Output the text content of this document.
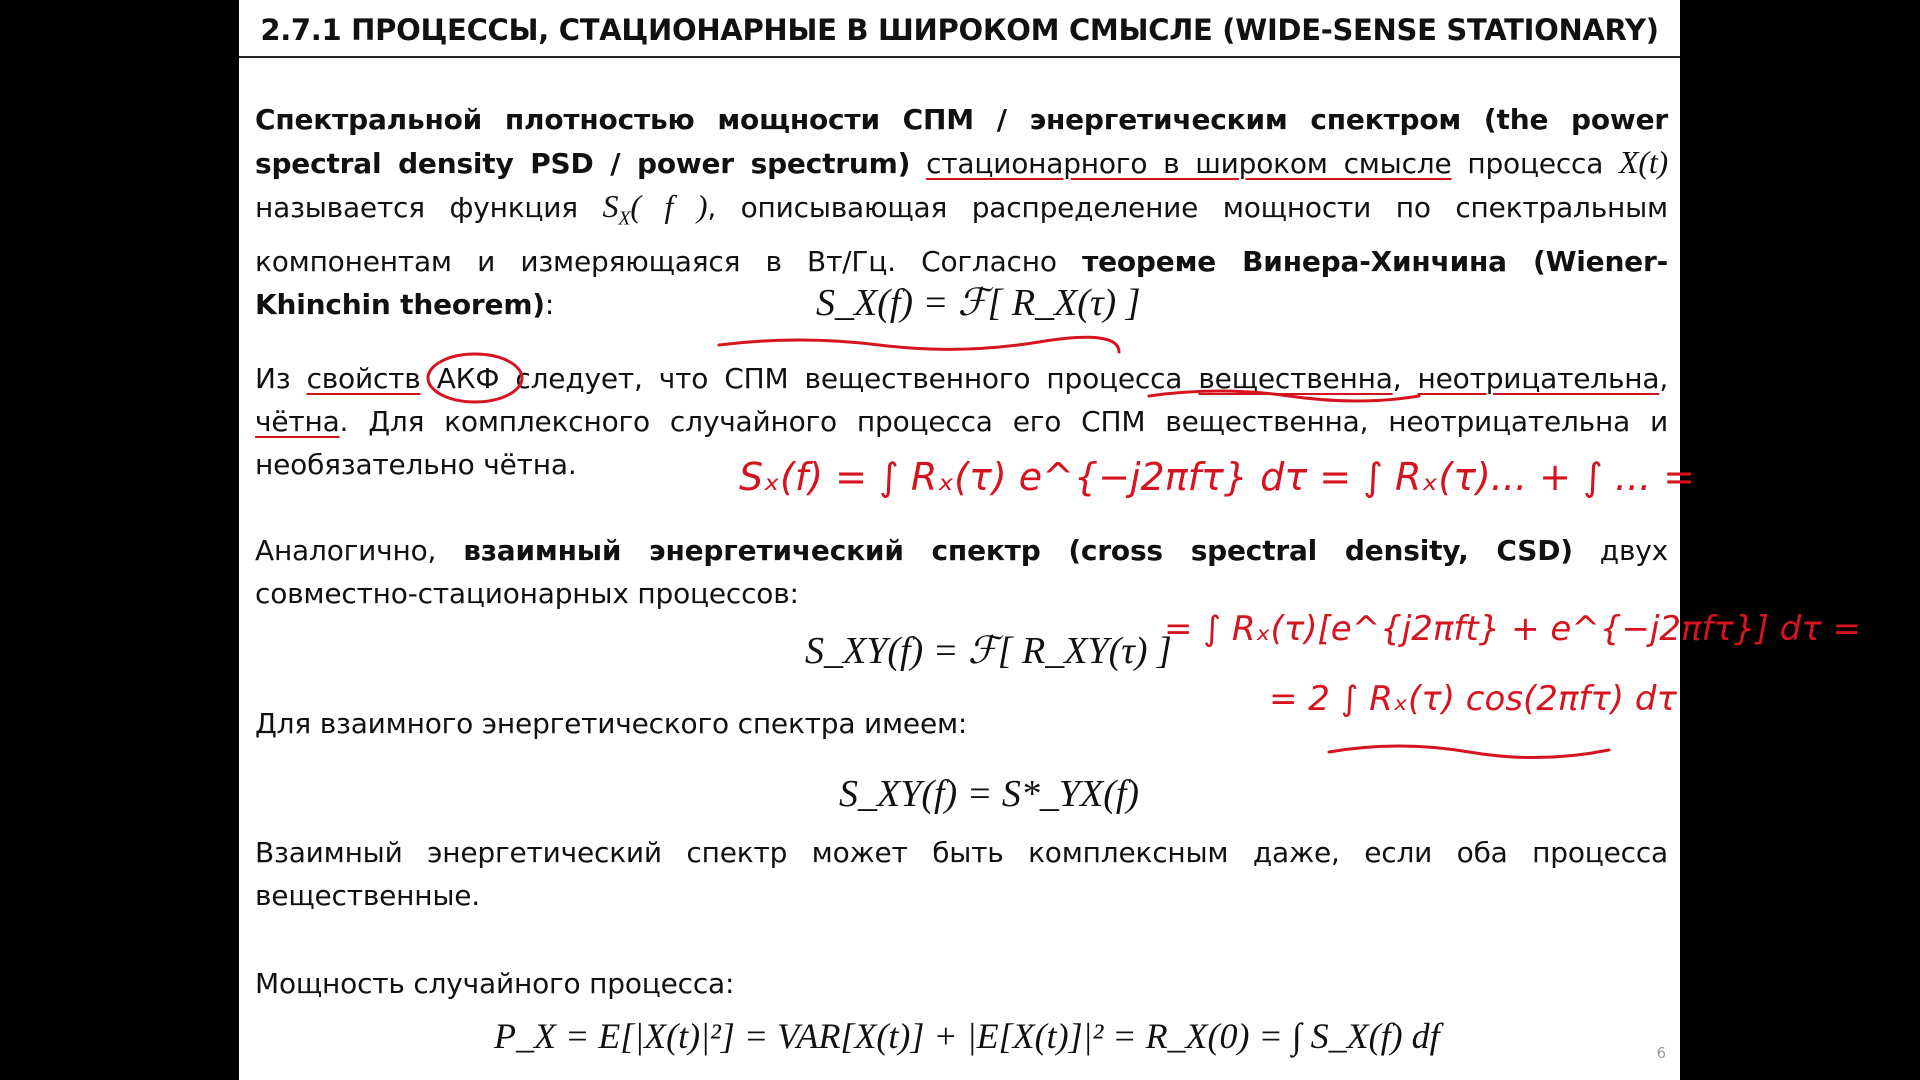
2.7.1 ПРОЦЕССЫ, СТАЦИОНАРНЫЕ В ШИРОКОМ СМЫСЛЕ (WIDE-SENSE STATIONARY)
Спектральной плотностью мощности СПМ / энергетическим спектром (the power spectral density PSD / power spectrum) стационарного в широком смысле процесса X(t) называется функция $S_X$( f ), описывающая распределение мощности по спектральным компонентам и измеряющаяся в Вт/Гц. Согласно теореме Винера-Хинчина (Wiener-Khinchin theorem):	S_X(f) = ℱ[ R_X(τ) ]
Из свойств АКФ следует, что СПМ вещественного процесса вещественна, неотрицательна, чётна. Для комплексного случайного процесса его СПМ вещественна, неотрицательна и необязательно чётна.
Аналогично, взаимный энергетический спектр (cross spectral density, CSD) двух совместно-стационарных процессов:
S_XY(f) = ℱ[ R_XY(τ) ]
Для взаимного энергетического спектра имеем:
S_XY(f) = S*_YX(f)
Взаимный энергетический спектр может быть комплексным даже, если оба процесса вещественные.
Мощность случайного процесса:
P_X = E[|X(t)|²] = VAR[X(t)] + |E[X(t)]|² = R_X(0) = ∫ S_X(f) df
Sₓ(f) = ∫ Rₓ(τ) e^{−j2πfτ} dτ = ∫ Rₓ(τ)... + ∫ ... =
= ∫ Rₓ(τ)[e^{j2πft} + e^{−j2πfτ}] dτ =
= 2 ∫ Rₓ(τ) cos(2πfτ) dτ
6
